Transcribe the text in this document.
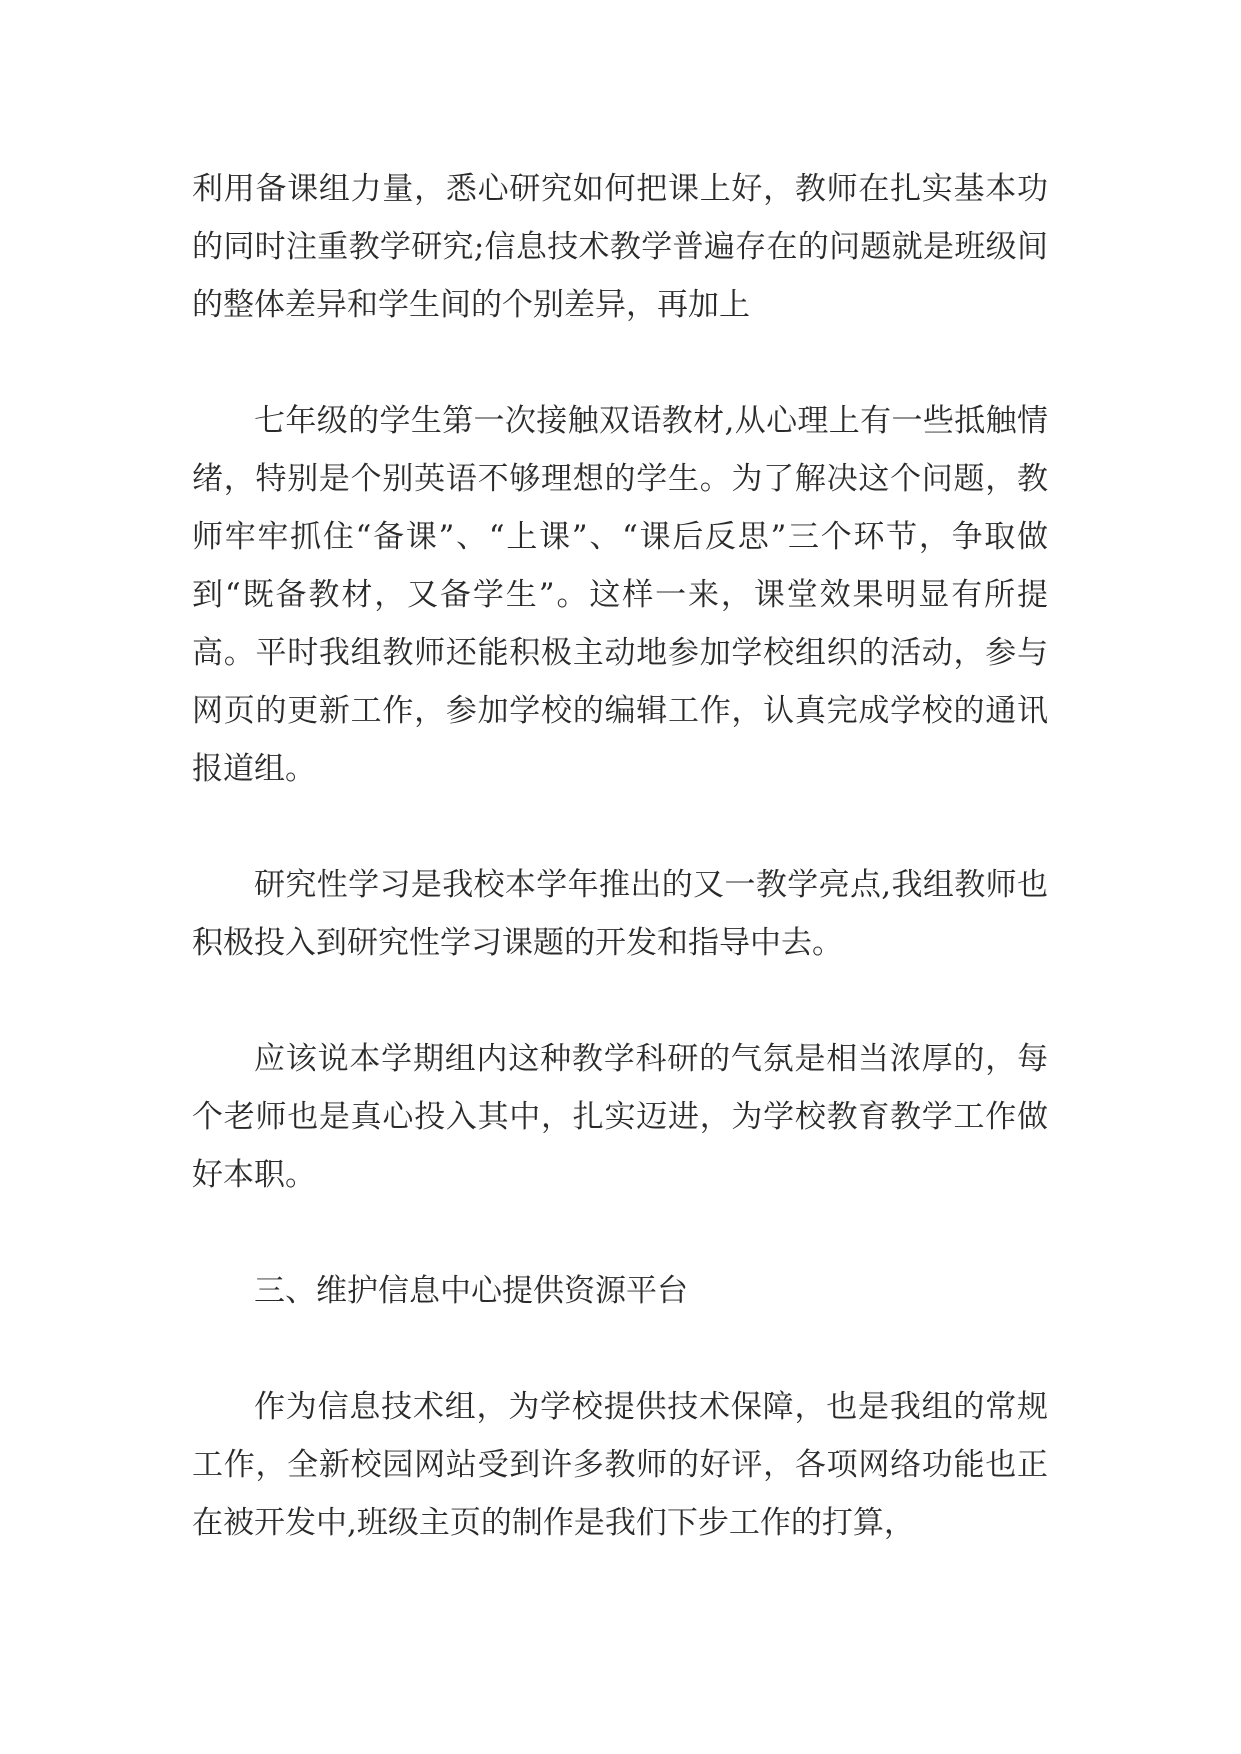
利用备课组力量，悉心研究如何把课上好，教师在扎实基本功的同时注重教学研究;信息技术教学普遍存在的问题就是班级间的整体差异和学生间的个别差异，再加上

七年级的学生第一次接触双语教材,从心理上有一些抵触情绪，特别是个别英语不够理想的学生。为了解决这个问题，教师牢牢抓住“备课”、“上课”、“课后反思”三个环节，争取做到“既备教材，又备学生”。这样一来，课堂效果明显有所提高。平时我组教师还能积极主动地参加学校组织的活动，参与网页的更新工作，参加学校的编辑工作，认真完成学校的通讯报道组。

研究性学习是我校本学年推出的又一教学亮点,我组教师也积极投入到研究性学习课题的开发和指导中去。

应该说本学期组内这种教学科研的气氛是相当浓厚的，每个老师也是真心投入其中，扎实迈进，为学校教育教学工作做好本职。

三、维护信息中心提供资源平台

作为信息技术组，为学校提供技术保障，也是我组的常规工作，全新校园网站受到许多教师的好评，各项网络功能也正在被开发中,班级主页的制作是我们下步工作的打算，
